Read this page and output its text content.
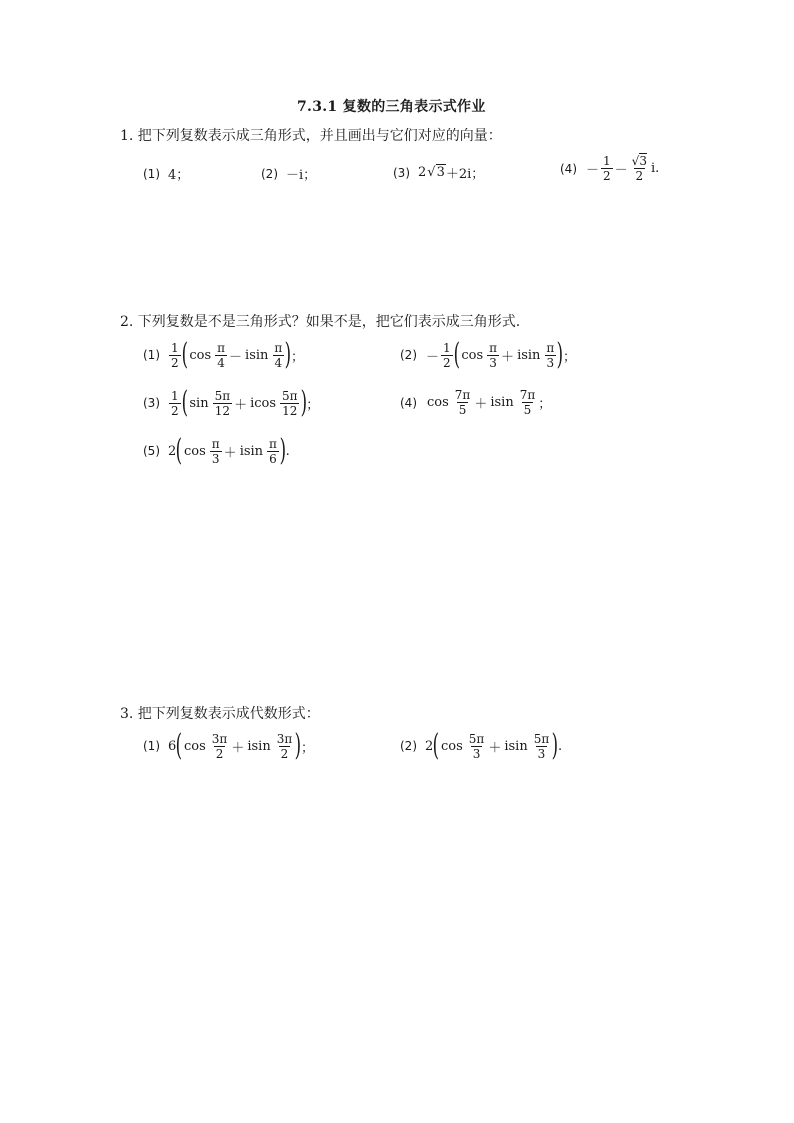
7.3.1 复数的三角表示式作业
1. 把下列复数表示成三角形式，并且画出与它们对应的向量：
(1) 4；	(2) －i；	(3) 2 √3 ＋2i；	$(4) - \frac{1}{2} - \frac{√3}{2} i$.
2. 下列复数是不是三角形式？如果不是，把它们表示成三角形式.
$(1) \frac{1}{2}$ ( $\cos \frac{\pi}{4} - isin \frac{\pi}{4}$ ) ；	$(2) - \frac{1}{2}$ ( $\cos \frac{\pi}{3} + isin \frac{\pi}{3}$ ) ；
$(3) \frac{1}{2}$ ( $\sin \frac{5\pi}{12} + icos \frac{5\pi}{12}$ ) ；	(4) $\cos \frac{7\pi}{5} + isin \frac{7\pi}{5}$ ；
(5) 2 ( $\cos \frac{\pi}{3} + isin \frac{\pi}{6}$ ) .
3. 把下列复数表示成代数形式：
(1) 6 ( $\cos \frac{3\pi}{2} + isin \frac{3\pi}{2}$ ) ；	(2) 2 ( $\cos \frac{5\pi}{3} + isin \frac{5\pi}{3}$ ) .
